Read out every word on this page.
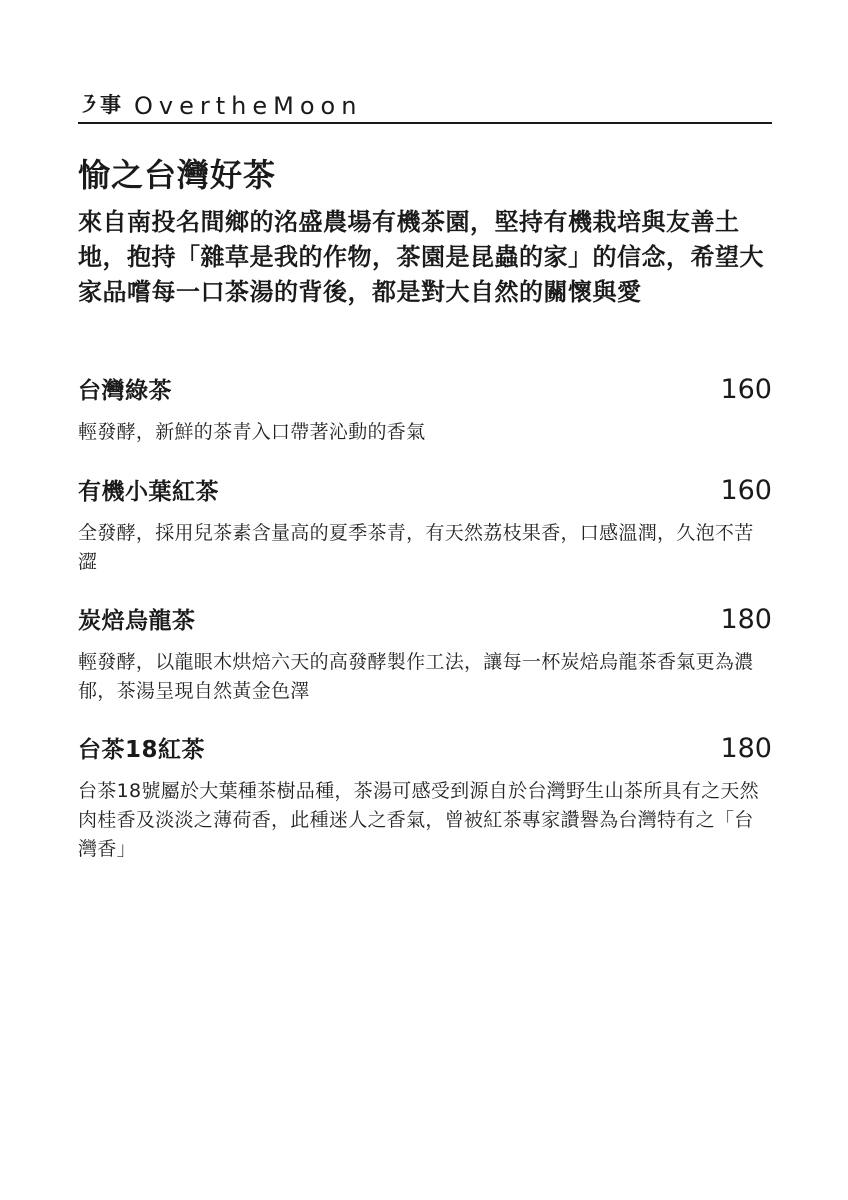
㇋事 OvertheMoon
愉之台灣好茶

來自南投名間鄉的洺盛農場有機茶園，堅持有機栽培與友善土地，抱持「雜草是我的作物，茶園是昆蟲的家」的信念，希望大家品嚐每一口茶湯的背後，都是對大自然的關懷與愛

台灣綠茶	160

輕發酵，新鮮的茶青入口帶著沁動的香氣

有機小葉紅茶	160

全發酵，採用兒茶素含量高的夏季茶青，有天然荔枝果香，口感溫潤，久泡不苦澀

炭焙烏龍茶	180

輕發酵，以龍眼木烘焙六天的高發酵製作工法，讓每一杯炭焙烏龍茶香氣更為濃郁，茶湯呈現自然黃金色澤

台茶18紅茶	180

台茶18號屬於大葉種茶樹品種，茶湯可感受到源自於台灣野生山茶所具有之天然肉桂香及淡淡之薄荷香，此種迷人之香氣，曾被紅茶專家讚譽為台灣特有之「台灣香」
